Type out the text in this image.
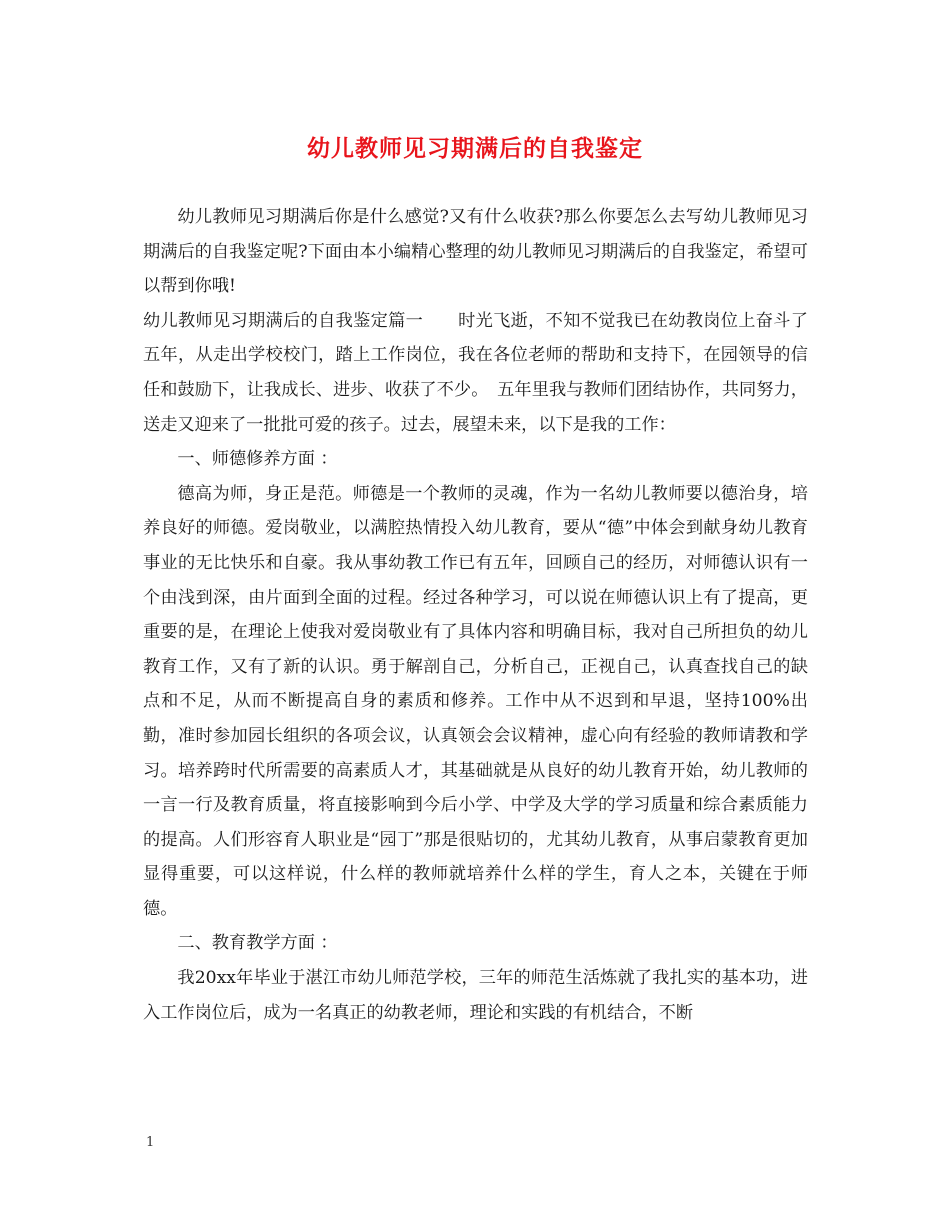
幼儿教师见习期满后的自我鉴定

幼儿教师见习期满后你是什么感觉?又有什么收获?那么你要怎么去写幼儿教师见习期满后的自我鉴定呢?下面由本小编精心整理的幼儿教师见习期满后的自我鉴定，希望可以帮到你哦!

幼儿教师见习期满后的自我鉴定篇一　　时光飞逝，不知不觉我已在幼教岗位上奋斗了五年，从走出学校校门，踏上工作岗位，我在各位老师的帮助和支持下，在园领导的信任和鼓励下，让我成长、进步、收获了不少。　五年里我与教师们团结协作，共同努力，送走又迎来了一批批可爱的孩子。过去，展望未来，以下是我的工作：

一、师德修养方面 ：

德高为师，身正是范。师德是一个教师的灵魂，作为一名幼儿教师要以德治身，培养良好的师德。爱岗敬业，以满腔热情投入幼儿教育，要从“德”中体会到献身幼儿教育事业的无比快乐和自豪。我从事幼教工作已有五年，回顾自己的经历，对师德认识有一个由浅到深，由片面到全面的过程。经过各种学习，可以说在师德认识上有了提高，更重要的是，在理论上使我对爱岗敬业有了具体内容和明确目标，我对自己所担负的幼儿教育工作，又有了新的认识。勇于解剖自己，分析自己，正视自己，认真查找自己的缺点和不足，从而不断提高自身的素质和修养。工作中从不迟到和早退，坚持100%出勤，准时参加园长组织的各项会议，认真领会会议精神，虚心向有经验的教师请教和学习。培养跨时代所需要的高素质人才，其基础就是从良好的幼儿教育开始，幼儿教师的一言一行及教育质量，将直接影响到今后小学、中学及大学的学习质量和综合素质能力的提高。人们形容育人职业是“园丁”那是很贴切的，尤其幼儿教育，从事启蒙教育更加显得重要，可以这样说，什么样的教师就培养什么样的学生，育人之本，关键在于师德。

二、教育教学方面 ：

我20xx年毕业于湛江市幼儿师范学校，三年的师范生活炼就了我扎实的基本功，进入工作岗位后，成为一名真正的幼教老师，理论和实践的有机结合，不断

1
